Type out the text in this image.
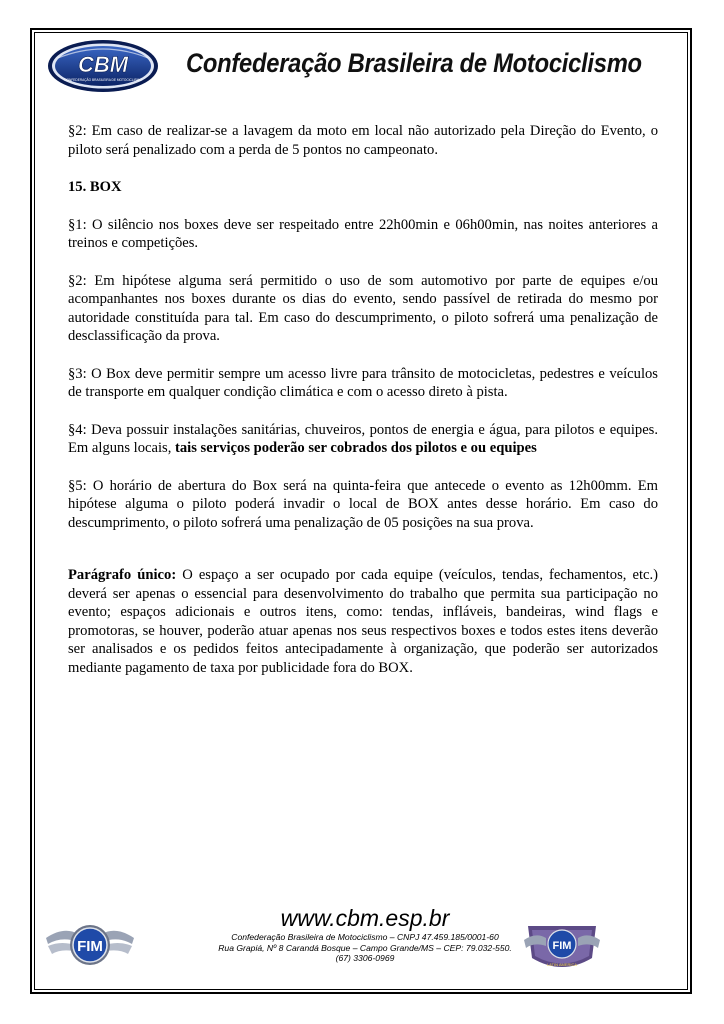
CBM
CONFEDERAÇÃO BRASILEIRA DE MOTOCICLISMO
Confederação Brasileira de Motociclismo

§2: Em caso de realizar-se a lavagem da moto em local não autorizado pela Direção do Evento, o piloto será penalizado com a perda de 5 pontos no campeonato.

15. BOX

§1: O silêncio nos boxes deve ser respeitado entre 22h00min e 06h00min, nas noites anteriores a treinos e competições.

§2: Em hipótese alguma será permitido o uso de som automotivo por parte de equipes e/ou acompanhantes nos boxes durante os dias do evento, sendo passível de retirada do mesmo por autoridade constituída para tal. Em caso do descumprimento, o piloto sofrerá uma penalização de desclassificação da prova.

§3: O Box deve permitir sempre um acesso livre para trânsito de motocicletas, pedestres e veículos de transporte em qualquer condição climática e com o acesso direto à pista.

§4: Deva possuir instalações sanitárias, chuveiros, pontos de energia e água, para pilotos e equipes. Em alguns locais, tais serviços poderão ser cobrados dos pilotos e ou equipes

§5: O horário de abertura do Box será na quinta-feira que antecede o evento as 12h00mm. Em hipótese alguma o piloto poderá invadir o local de BOX antes desse horário. Em caso do descumprimento, o piloto sofrerá uma penalização de 05 posições na sua prova.

Parágrafo único: O espaço a ser ocupado por cada equipe (veículos, tendas, fechamentos, etc.) deverá ser apenas o essencial para desenvolvimento do trabalho que permita sua participação no evento; espaços adicionais e outros itens, como: tendas, infláveis, bandeiras, wind flags e promotoras, se houver, poderão atuar apenas nos seus respectivos boxes e todos estes itens deverão ser analisados e os pedidos feitos antecipadamente à organização, que poderão ser autorizados mediante pagamento de taxa por publicidade fora do BOX.

FIM
www.cbm.esp.br
Confederação Brasileira de Motociclismo – CNPJ 47.459.185/0001-60
Rua Grapiá, Nº 8 Carandá Bosque – Campo Grande/MS – CEP: 79.032-550.
(67) 3306-0969
FIM
LATIN AMERICA
